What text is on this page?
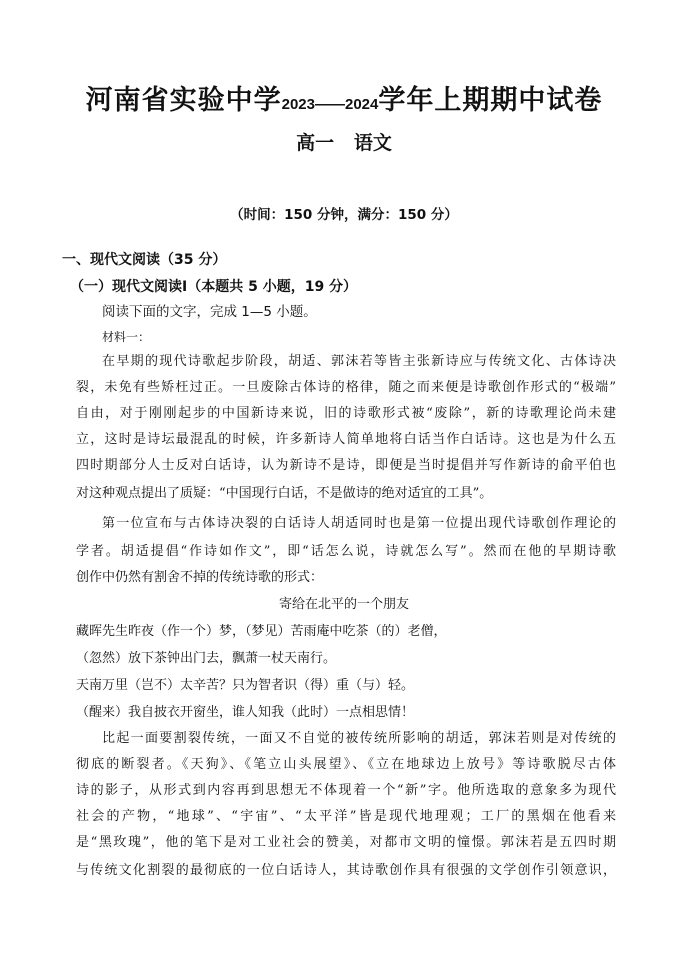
河南省实验中学2023——2024学年上期期中试卷
高一   语文
（时间：150 分钟，满分：150 分）
一、现代文阅读（35 分）
（一）现代文阅读Ⅰ（本题共 5 小题，19 分）
阅读下面的文字，完成 1—5 小题。
材料一：
在早期的现代诗歌起步阶段，胡适、郭沫若等皆主张新诗应与传统文化、古体诗决
裂，未免有些矫枉过正。一旦废除古体诗的格律，随之而来便是诗歌创作形式的“极端”
自由，对于刚刚起步的中国新诗来说，旧的诗歌形式被“废除”，新的诗歌理论尚未建
立，这时是诗坛最混乱的时候，许多新诗人简单地将白话当作白话诗。这也是为什么五
四时期部分人士反对白话诗，认为新诗不是诗，即便是当时提倡并写作新诗的俞平伯也
对这种观点提出了质疑：“中国现行白话，不是做诗的绝对适宜的工具”。
第一位宣布与古体诗决裂的白话诗人胡适同时也是第一位提出现代诗歌创作理论的
学者。胡适提倡“作诗如作文”，即“话怎么说，诗就怎么写”。然而在他的早期诗歌
创作中仍然有割舍不掉的传统诗歌的形式：
寄给在北平的一个朋友
藏晖先生昨夜（作一个）梦，（梦见）苦雨庵中吃茶（的）老僧，
（忽然）放下茶钟出门去，飘萧一杖天南行。
天南万里（岂不）太辛苦？只为智者识（得）重（与）轻。
（醒来）我自披衣开窗坐，谁人知我（此时）一点相思情！
比起一面要割裂传统，一面又不自觉的被传统所影响的胡适，郭沫若则是对传统的
彻底的断裂者。《天狗》、《笔立山头展望》、《立在地球边上放号》等诗歌脱尽古体
诗的影子，从形式到内容再到思想无不体现着一个“新”字。他所选取的意象多为现代
社会的产物，“地球”、“宇宙”、“太平洋”皆是现代地理观；工厂的黑烟在他看来
是“黑玫瑰”，他的笔下是对工业社会的赞美，对都市文明的憧憬。郭沫若是五四时期
与传统文化割裂的最彻底的一位白话诗人，其诗歌创作具有很强的文学创作引领意识，
